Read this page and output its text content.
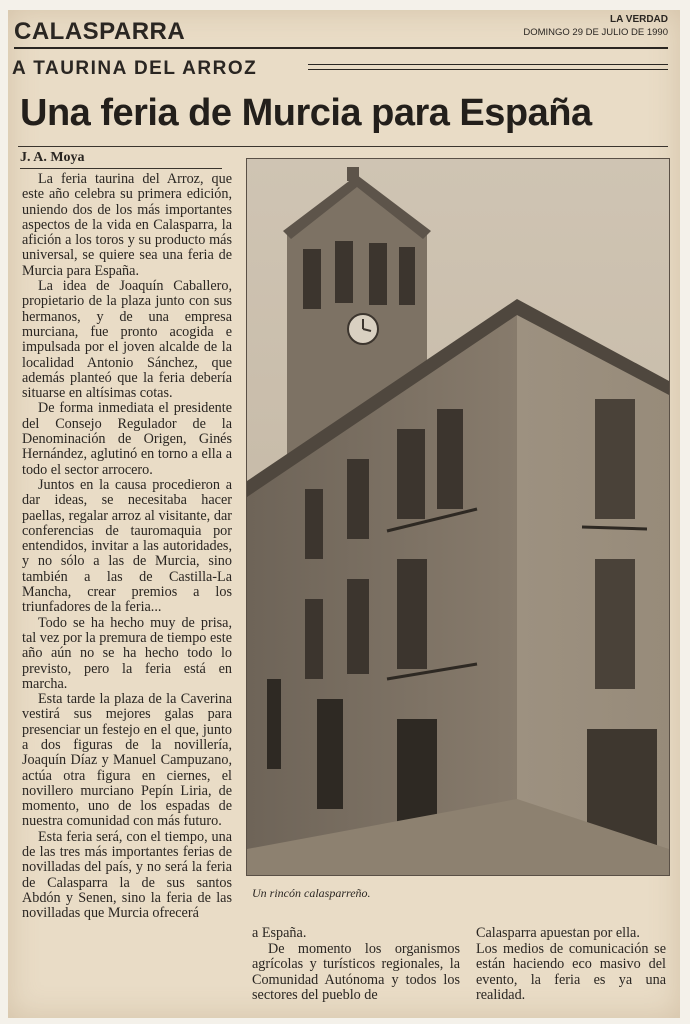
CALASPARRA	LA VERDAD
DOMINGO 29 DE JULIO DE 1990
A TAURINA DEL ARROZ
Una feria de Murcia para España
J. A. Moya

La feria taurina del Arroz, que este año celebra su primera edición, uniendo dos de los más importantes aspectos de la vida en Calasparra, la afición a los toros y su producto más universal, se quiere sea una feria de Murcia para España.

La idea de Joaquín Caballero, propietario de la plaza junto con sus hermanos, y de una empresa murciana, fue pronto acogida e impulsada por el joven alcalde de la localidad Antonio Sánchez, que además planteó que la feria debería situarse en altísimas cotas.

De forma inmediata el presidente del Consejo Regulador de la Denominación de Origen, Ginés Hernández, aglutinó en torno a ella a todo el sector arrocero.

Juntos en la causa procedieron a dar ideas, se necesitaba hacer paellas, regalar arroz al visitante, dar conferencias de tauromaquia por entendidos, invitar a las autoridades, y no sólo a las de Murcia, sino también a las de Castilla-La Mancha, crear premios a los triunfadores de la feria...

Todo se ha hecho muy de prisa, tal vez por la premura de tiempo este año aún no se ha hecho todo lo previsto, pero la feria está en marcha.

Esta tarde la plaza de la Caverina vestirá sus mejores galas para presenciar un festejo en el que, junto a dos figuras de la novillería, Joaquín Díaz y Manuel Campuzano, actúa otra figura en ciernes, el novillero murciano Pepín Liria, de momento, uno de los espadas de nuestra comunidad con más futuro.

Esta feria será, con el tiempo, una de las tres más importantes ferias de novilladas del país, y no será la feria de Calasparra la de sus santos Abdón y Senen, sino la feria de las novilladas que Murcia ofrecerá

Un rincón calasparreño.

a España.

De momento los organismos agrícolas y turísticos regionales, la Comunidad Autónoma y todos los sectores del pueblo de

Calasparra apuestan por ella.

Los medios de comunicación se están haciendo eco masivo del evento, la feria es ya una realidad.
